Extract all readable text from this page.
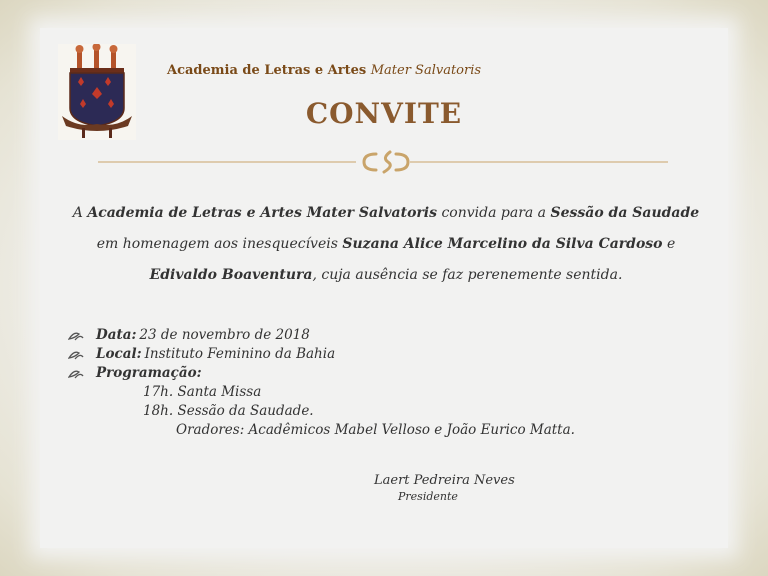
Academia de Letras e Artes Mater Salvatoris
CONVITE
A Academia de Letras e Artes Mater Salvatoris convida para a Sessão da Saudade em homenagem aos inesquecíveis Suzana Alice Marcelino da Silva Cardoso e Edivaldo Boaventura, cuja ausência se faz perenemente sentida.
Data: 23 de novembro de 2018
Local: Instituto Feminino da Bahia
Programação:
17h. Santa Missa
18h. Sessão da Saudade.
Oradores: Acadêmicos Mabel Velloso e João Eurico Matta.
Laert Pedreira Neves
Presidente
